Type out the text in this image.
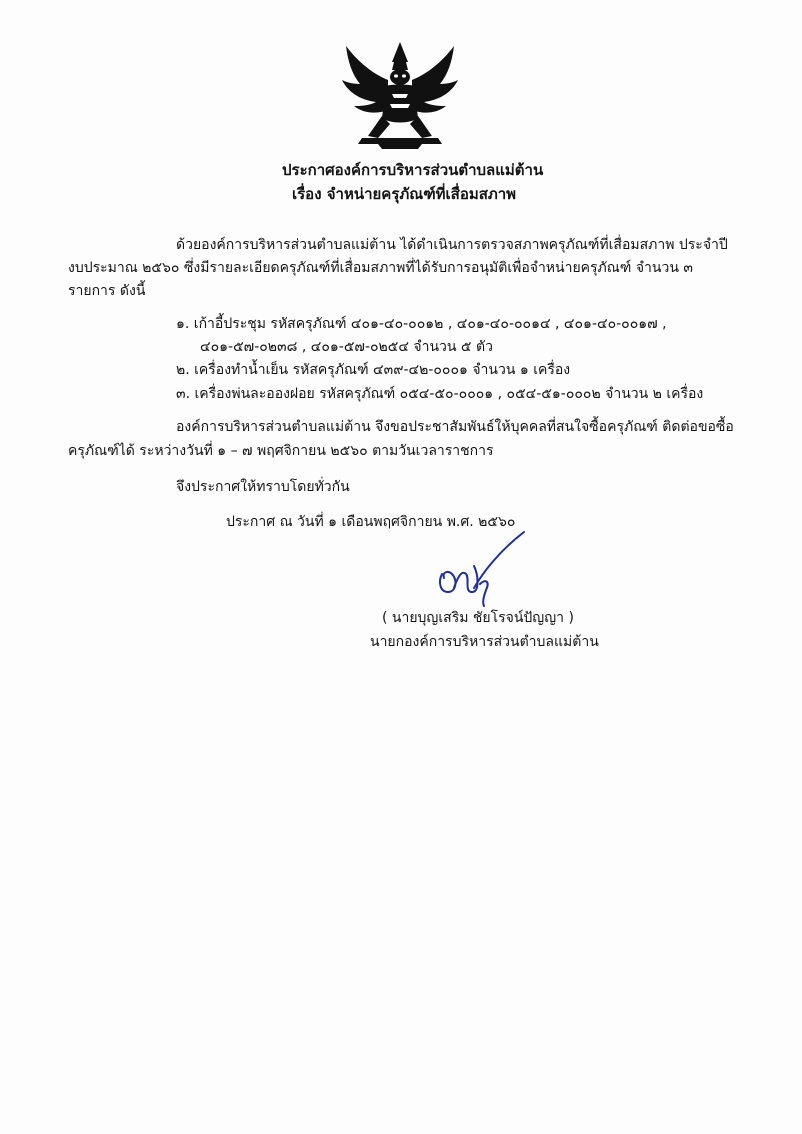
ประกาศองค์การบริหารส่วนตำบลแม่ต้าน
เรื่อง จำหน่ายครุภัณฑ์ที่เสื่อมสภาพ
ด้วยองค์การบริหารส่วนตำบลแม่ต้าน ได้ดำเนินการตรวจสภาพครุภัณฑ์ที่เสื่อมสภาพ ประจำปี
งบประมาณ ๒๕๖๐ ซึ่งมีรายละเอียดครุภัณฑ์ที่เสื่อมสภาพที่ได้รับการอนุมัติเพื่อจำหน่ายครุภัณฑ์ จำนวน ๓
รายการ ดังนี้
๑. เก้าอี้ประชุม รหัสครุภัณฑ์ ๔๐๑-๔๐-๐๐๑๒ , ๔๐๑-๔๐-๐๐๑๔ , ๔๐๑-๔๐-๐๐๑๗ ,
๔๐๑-๕๗-๐๒๓๘ , ๔๐๑-๕๗-๐๒๕๔ จำนวน ๕ ตัว
๒. เครื่องทำน้ำเย็น รหัสครุภัณฑ์ ๔๓๙-๔๒-๐๐๐๑ จำนวน ๑ เครื่อง
๓. เครื่องพ่นละอองฝอย รหัสครุภัณฑ์ ๐๕๔-๕๐-๐๐๐๑ , ๐๕๔-๕๑-๐๐๐๒ จำนวน ๒ เครื่อง
องค์การบริหารส่วนตำบลแม่ต้าน จึงขอประชาสัมพันธ์ให้บุคคลที่สนใจซื้อครุภัณฑ์ ติดต่อขอซื้อ
ครุภัณฑ์ได้ ระหว่างวันที่ ๑ – ๗ พฤศจิกายน ๒๕๖๐ ตามวันเวลาราชการ
จึงประกาศให้ทราบโดยทั่วกัน
ประกาศ ณ วันที่ ๑ เดือนพฤศจิกายน พ.ศ. ๒๕๖๐
( นายบุญเสริม ชัยโรจน์ปัญญา )
นายกองค์การบริหารส่วนตำบลแม่ต้าน
